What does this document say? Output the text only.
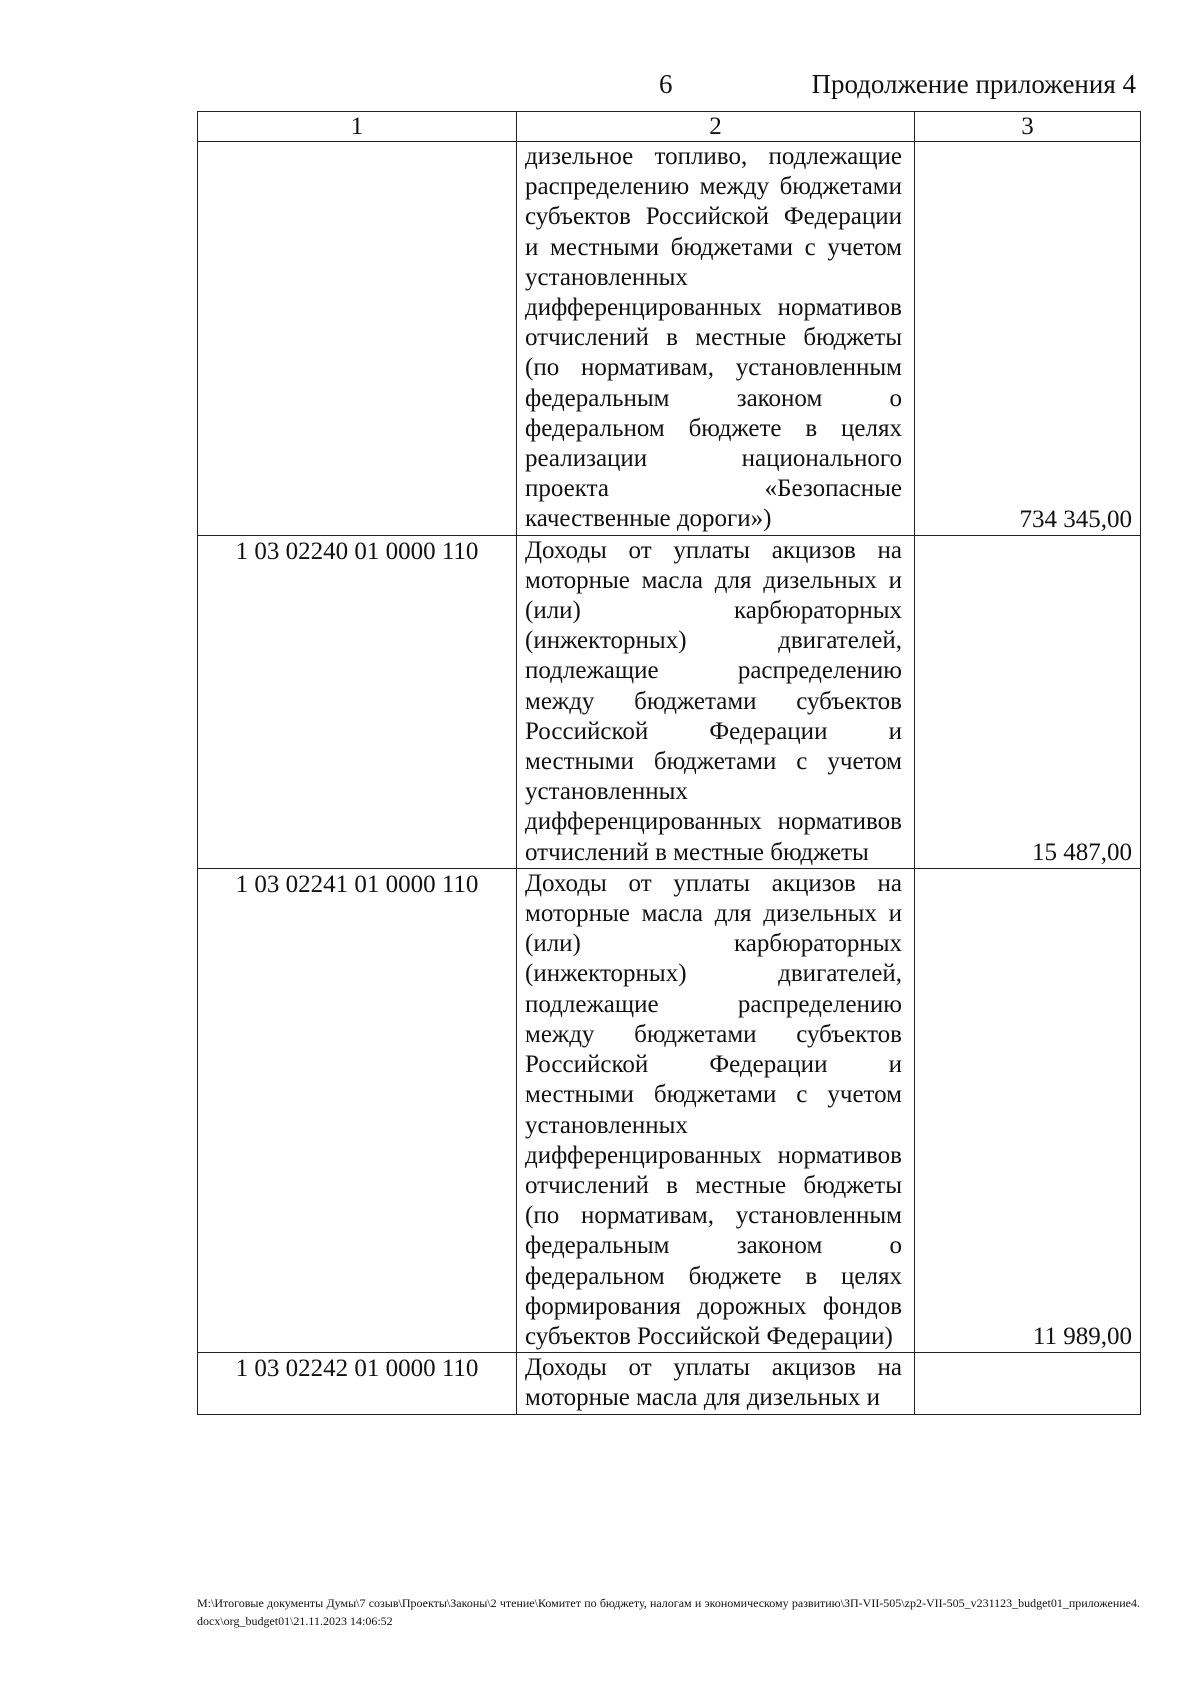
6	Продолжение приложения 4
1	2	3

	дизельное топливо, подлежащие распределению между бюджетами субъектов Российской Федерации и местными бюджетами с учетом установленных дифференцированных нормативов отчислений в местные бюджеты (по нормативам, установленным федеральным законом о федеральном бюджете в целях реализации национального проекта «Безопасные качественные дороги»)	734 345,00
1 03 02240 01 0000 110	Доходы от уплаты акцизов на моторные масла для дизельных и (или) карбюраторных (инжекторных) двигателей, подлежащие распределению между бюджетами субъектов Российской Федерации и местными бюджетами с учетом установленных дифференцированных нормативов отчислений в местные бюджеты	15 487,00
1 03 02241 01 0000 110	Доходы от уплаты акцизов на моторные масла для дизельных и (или) карбюраторных (инжекторных) двигателей, подлежащие распределению между бюджетами субъектов Российской Федерации и местными бюджетами с учетом установленных дифференцированных нормативов отчислений в местные бюджеты (по нормативам, установленным федеральным законом о федеральном бюджете в целях формирования дорожных фондов субъектов Российской Федерации)	11 989,00
1 03 02242 01 0000 110	Доходы от уплаты акцизов на моторные масла для дизельных и	

M:\Итоговые документы Думы\7 созыв\Проекты\Законы\2 чтение\Комитет по бюджету, налогам и экономическому развитию\ЗП-VII-505\zp2-VII-505_v231123_budget01_приложение4.docx\org_budget01\21.11.2023 14:06:52
